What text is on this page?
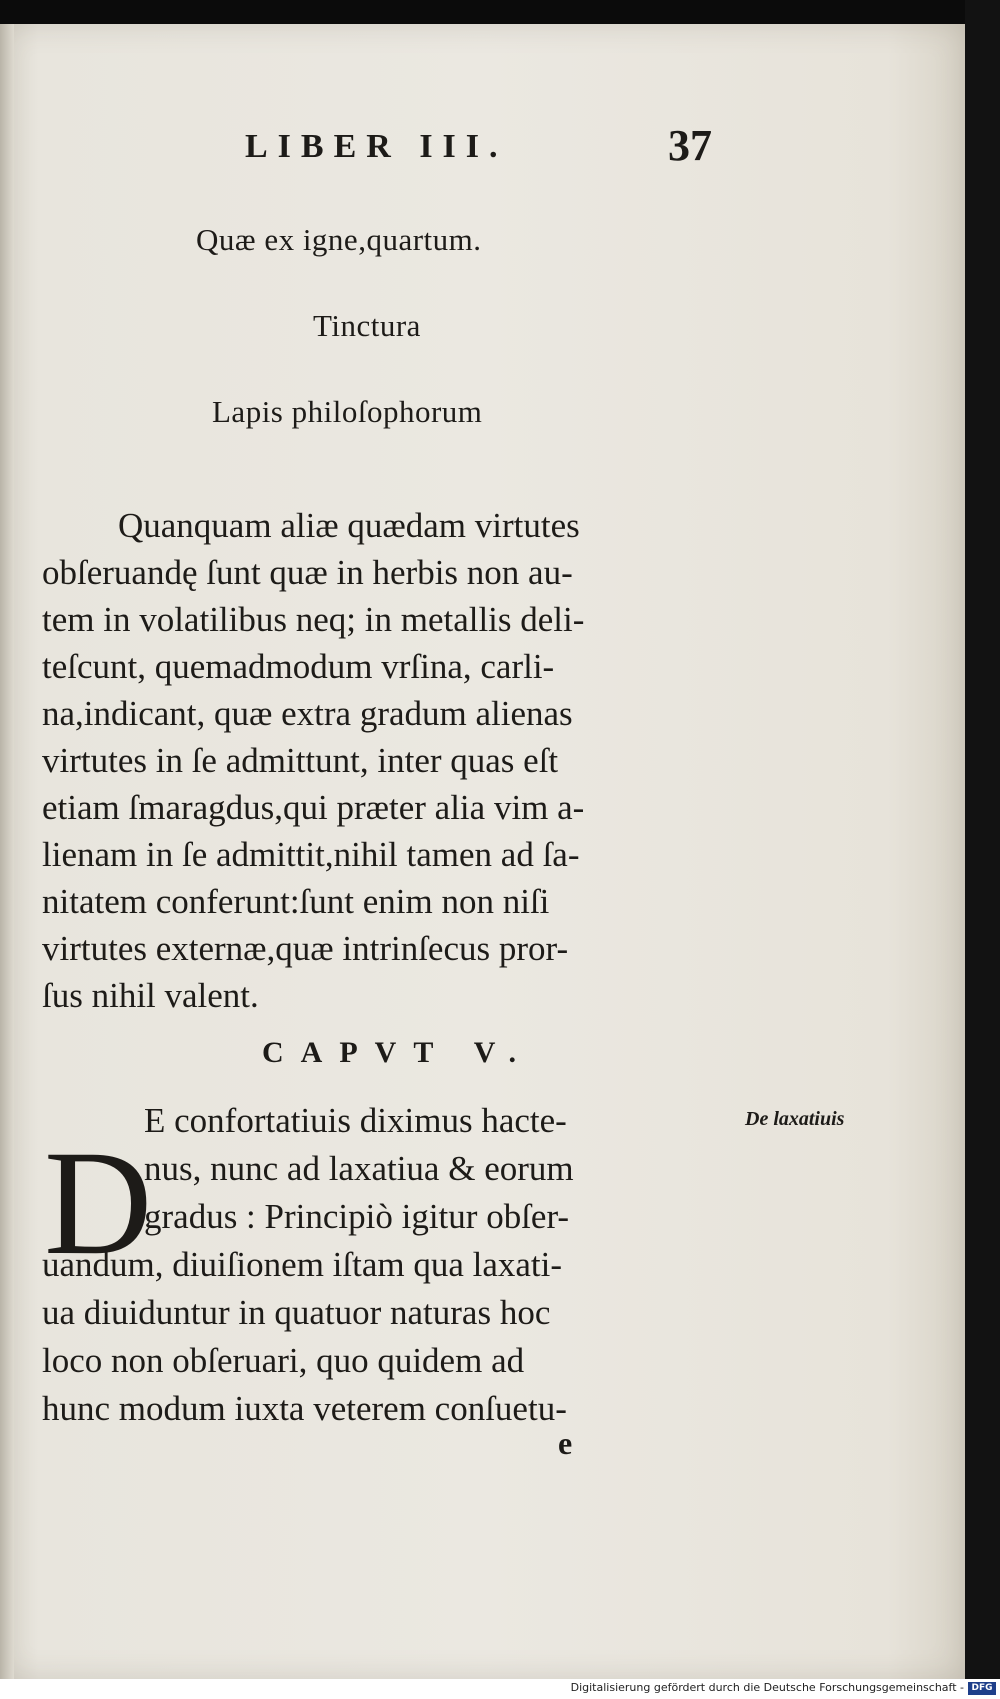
LIBER III.	37
Quæ ex igne,quartum.
Tinctura
Lapis philoſophorum
Quanquam aliæ quædam virtutes
obſeruandę ſunt quæ in herbis non au-
tem in volatilibus neq; in metallis deli-
teſcunt, quemadmodum vrſina, carli-
na,indicant, quæ extra gradum alienas
virtutes in ſe admittunt, inter quas eſt
etiam ſmaragdus,qui præter alia vim a-
lienam in ſe admittit,nihil tamen ad ſa-
nitatem conferunt:ſunt enim non niſi
virtutes externæ,quæ intrinſecus pror-
ſus nihil valent.
CAPVT V.
D
E confortatiuis diximus hacte-
nus, nunc ad laxatiua & eorum
gradus : Principiò igitur obſer-
uandum, diuiſionem iſtam qua laxati-
ua diuiduntur in quatuor naturas hoc
loco non obſeruari, quo quidem ad
hunc modum iuxta veterem conſuetu-
De laxatiuis
e
Digitalisierung gefördert durch die Deutsche Forschungsgemeinschaft - DFG
